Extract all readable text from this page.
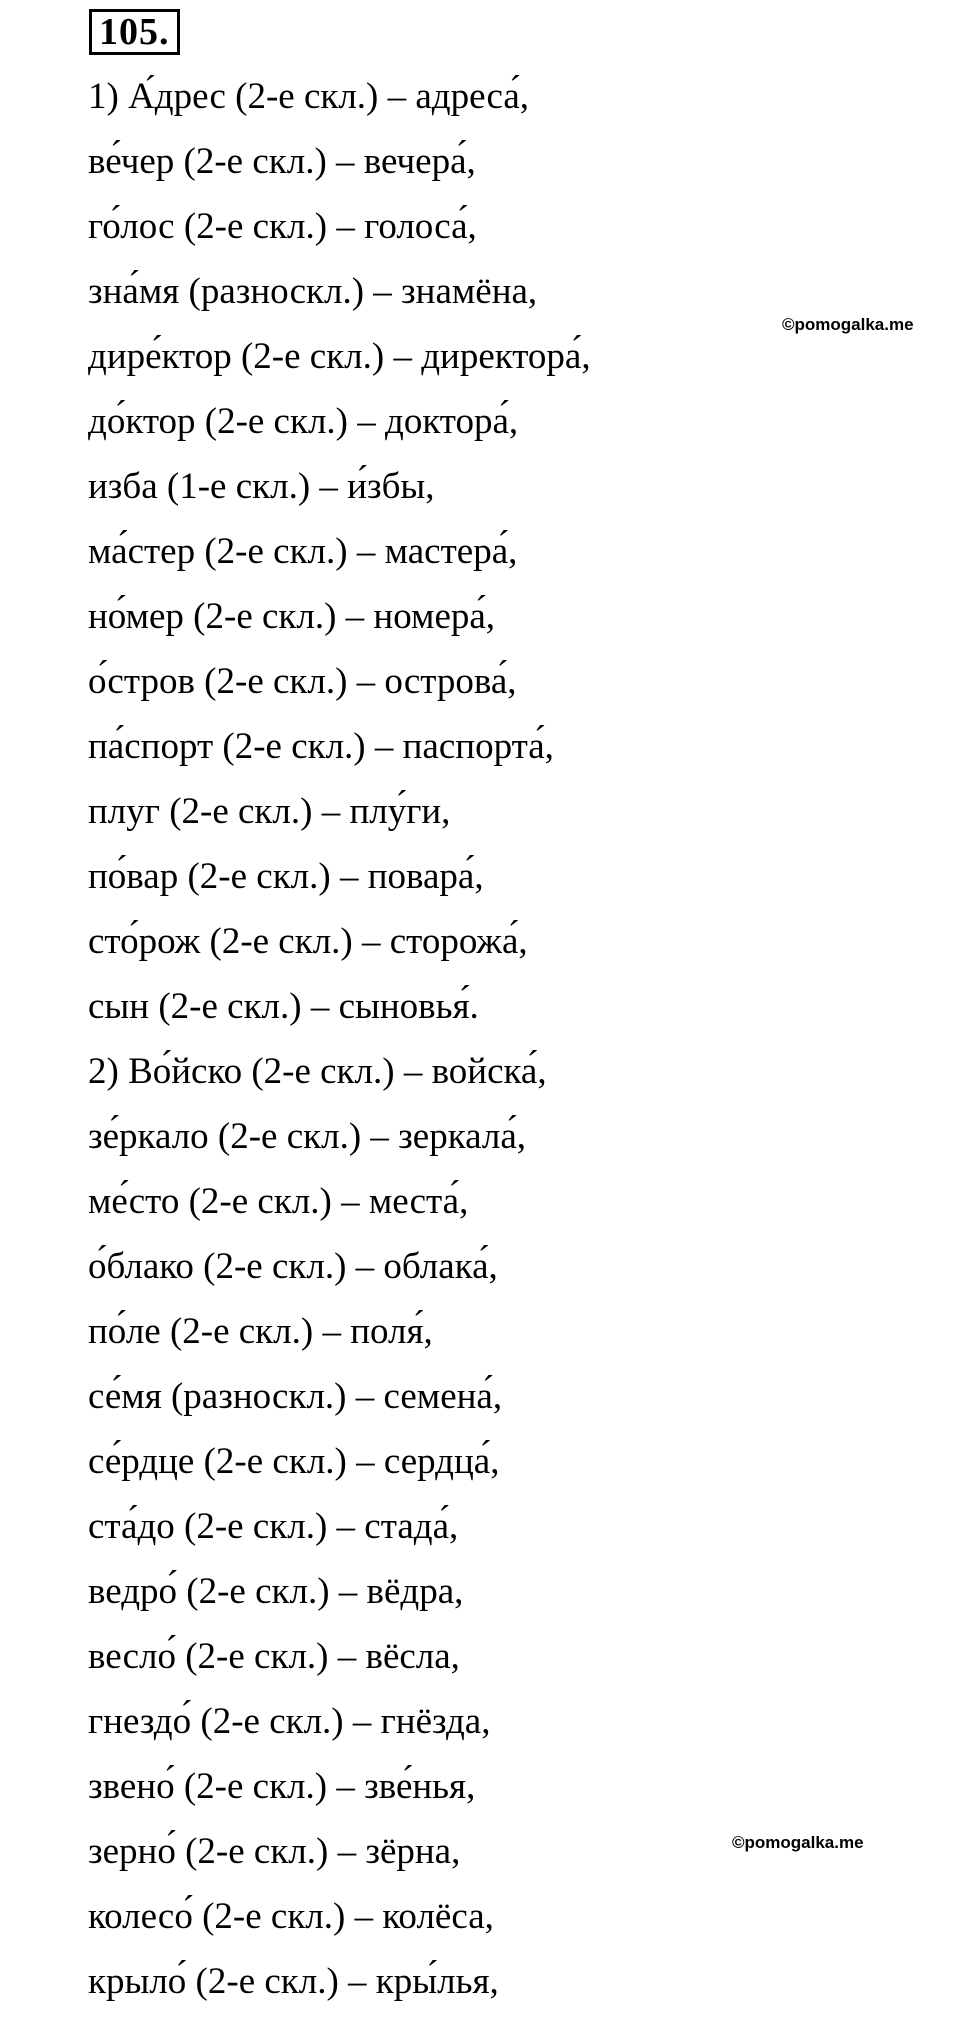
105.
1) А́дрес (2-е скл.) – адреса́,
ве́чер (2-е скл.) – вечера́,
го́лос (2-е скл.) – голоса́,
зна́мя (разноскл.) – знамёна,
дире́ктор (2-е скл.) – директора́,
до́ктор (2-е скл.) – доктора́,
изба (1-е скл.) – и́збы,
ма́стер (2-е скл.) – мастера́,
но́мер (2-е скл.) – номера́,
о́стров (2-е скл.) – острова́,
па́спорт (2-е скл.) – паспорта́,
плуг (2-е скл.) – плу́ги,
по́вар (2-е скл.) – повара́,
сто́рож (2-е скл.) – сторожа́,
сын (2-е скл.) – сыновья́.
2) Во́йско (2-е скл.) – войска́,
зе́ркало (2-е скл.) – зеркала́,
ме́сто (2-е скл.) – места́,
о́блако (2-е скл.) – облака́,
по́ле (2-е скл.) – поля́,
се́мя (разноскл.) – семена́,
се́рдце (2-е скл.) – сердца́,
ста́до (2-е скл.) – стада́,
ведро́ (2-е скл.) – вёдра,
весло́ (2-е скл.) – вёсла,
гнездо́ (2-е скл.) – гнёзда,
звено́ (2-е скл.) – зве́нья,
зерно́ (2-е скл.) – зёрна,
колесо́ (2-е скл.) – колёса,
крыло́ (2-е скл.) – кры́лья,
©pomogalka.me
©pomogalka.me
